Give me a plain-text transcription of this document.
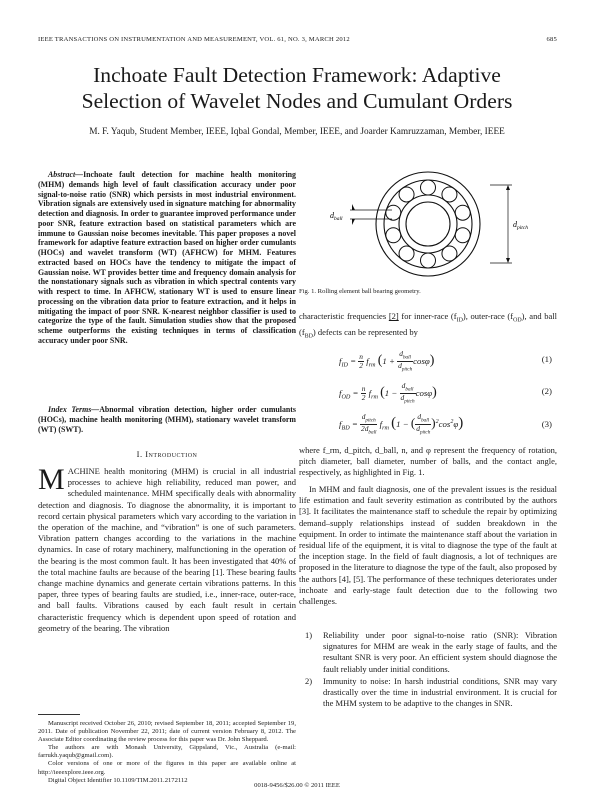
IEEE TRANSACTIONS ON INSTRUMENTATION AND MEASUREMENT, VOL. 61, NO. 3, MARCH 2012	685
Inchoate Fault Detection Framework: Adaptive
Selection of Wavelet Nodes and Cumulant Orders
M. F. Yaqub, Student Member, IEEE, Iqbal Gondal, Member, IEEE, and Joarder Kamruzzaman, Member, IEEE
Abstract—Inchoate fault detection for machine health monitoring (MHM) demands high level of fault classification accuracy under poor signal-to-noise ratio (SNR) which persists in most industrial environment. Vibration signals are extensively used in signature matching for abnormality detection and diagnosis. In order to guarantee improved performance under poor SNR, feature extraction based on statistical parameters which are immune to Gaussian noise becomes inevitable. This paper proposes a novel framework for adaptive feature extraction based on higher order cumulants (HOCs) and wavelet transform (WT) (AFHCW) for MHM. Features extracted based on HOCs have the tendency to mitigate the impact of Gaussian noise. WT provides better time and frequency domain analysis for the nonstationary signals such as vibration in which spectral contents vary with respect to time. In AFHCW, stationary WT is used to ensure linear processing on the vibration data prior to feature extraction, and it helps in mitigating the impact of poor SNR. K-nearest neighbor classifier is used to categorize the type of the fault. Simulation studies show that the proposed scheme outperforms the existing techniques in terms of classification accuracy under poor SNR.
Index Terms—Abnormal vibration detection, higher order cumulants (HOCs), machine health monitoring (MHM), stationary wavelet transform (WT) (SWT).
I. Introduction
MACHINE health monitoring (MHM) is crucial in all industrial processes to achieve high reliability, reduced man power, and scheduled maintenance. MHM specifically deals with abnormality detection and diagnosis. To diagnose the abnormality, it is important to record certain physical parameters which vary according to the variation in the operation of the machine, and “vibration” is one of such parameters. Vibration pattern changes according to the variations in the machine dynamics. In case of rotary machinery, malfunctioning in the operation of the bearing is the most common fault. It has been investigated that 40% of the total machine faults are because of the bearing [1]. These bearing faults change machine dynamics and generate certain vibrations patterns. In this paper, three types of bearing faults are studied, i.e., inner-race, outer-race, and ball faults. Vibrations caused by each fault result in certain characteristic frequency which is dependent upon speed of rotation and geometry of the bearing. The vibration
Manuscript received October 26, 2010; revised September 18, 2011; accepted September 19, 2011. Date of publication November 22, 2011; date of current version February 8, 2012. The Associate Editor coordinating the review process for this paper was Dr. John Sheppard.
The authors are with Monash University, Gippsland, Vic., Australia (e-mail: farrukh.yaqub@gmail.com).
Color versions of one or more of the figures in this paper are available online at http://ieeexplore.ieee.org.
Digital Object Identifier 10.1109/TIM.2011.2172112
$d_{ball}$
$d_{pitch}$
Fig. 1. Rolling element ball bearing geometry.
characteristic frequencies [2] for inner-race $(f_{ID})$, outer-race $(f_{OD})$, and ball $(f_{BD})$ defects can be represented by
$f_{ID} = \frac{n}{2} f_{rm}$ $(1 + \frac{d_{ball}}{d_{pitch}} \cos\varphi)$	(1)
$f_{OD} = \frac{n}{2} f_{rm}$ $(1 - \frac{d_{ball}}{d_{pitch}} \cos\varphi)$	(2)
$f_{BD} = \frac{d_{pitch}}{2d_{ball}} f_{rm}$ (1 − ( $\frac{d_{ball}}{d_{pitch}} )^2\cos^2\varphi$)	(3)
where f_rm, d_pitch, d_ball, n, and φ represent the frequency of rotation, pitch diameter, ball diameter, number of balls, and the contact angle, respectively, as highlighted in Fig. 1.
In MHM and fault diagnosis, one of the prevalent issues is the residual life estimation and fault severity estimation as contributed by the authors [3]. It facilitates the maintenance staff to schedule the repair by optimizing demand–supply relationships instead of sudden breakdown in the equipment. In order to intimate the maintenance staff about the variation in residual life of the equipment, it is vital to diagnose the type of the fault at the inception stage. In the field of fault diagnosis, a lot of techniques are proposed in the literature to diagnose the type of the fault, also proposed by the authors [4], [5]. The performance of these techniques deteriorates under inchoate and early-stage fault detection due to the following two challenges.
1) Reliability under poor signal-to-noise ratio (SNR): Vibration signatures for MHM are weak in the early stage of faults, and the resultant SNR is very poor. An efficient system should diagnose the fault reliably under initial conditions.
2) Immunity to noise: In harsh industrial conditions, SNR may vary drastically over the time in industrial environment. It is crucial for the MHM system to be adaptive to the changes in SNR.
0018-9456/$26.00 © 2011 IEEE
